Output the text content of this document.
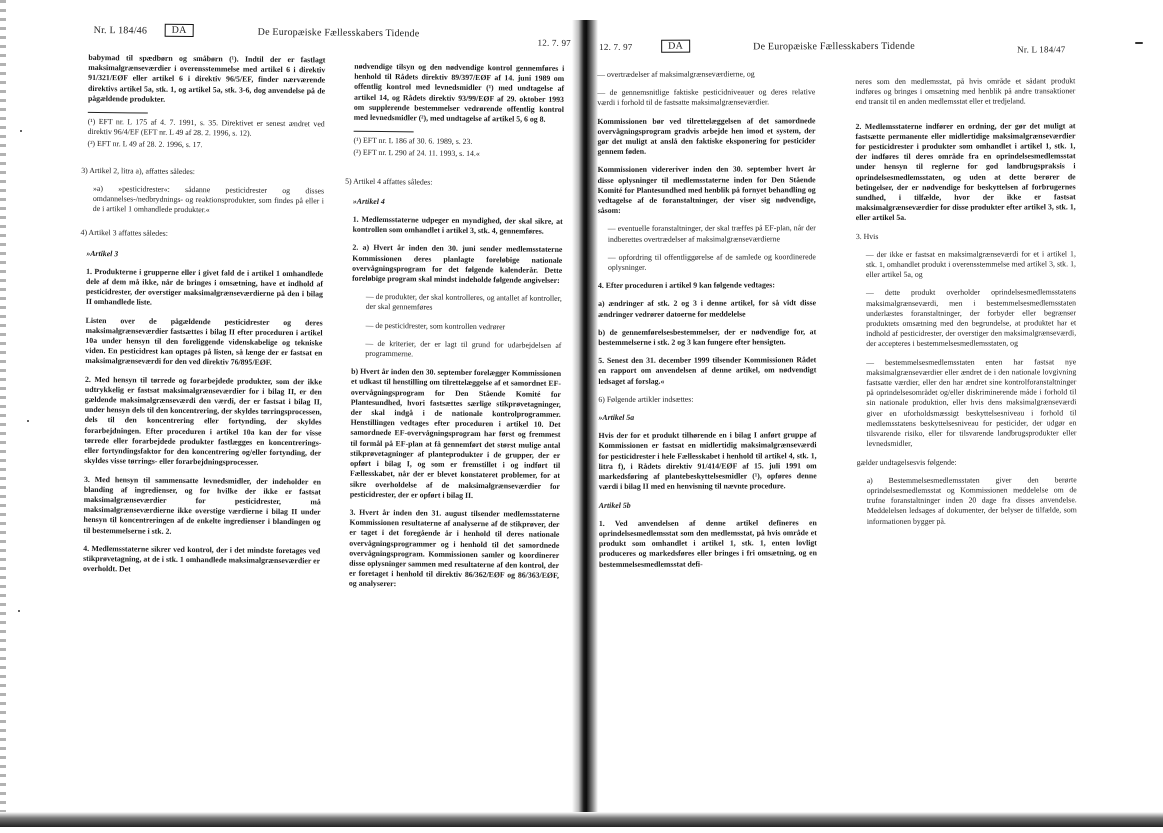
Nr. L 184/46	DA	De Europæiske Fællesskabers Tidende
12. 7. 97

babymad til spædbørn og småbørn (¹). Indtil der er fastlagt maksimalgrænseværdier i overensstemmelse med artikel 6 i direktiv 91/321/EØF eller artikel 6 i direktiv 96/5/EF, finder nærværende direktivs artikel 5a, stk. 1, og artikel 5a, stk. 3-6, dog anvendelse på de pågældende produkter.

(¹) EFT nr. L 175 af 4. 7. 1991, s. 35. Direktivet er senest ændret ved direktiv 96/4/EF (EFT nr. L 49 af 28. 2. 1996, s. 12).

(²) EFT nr. L 49 af 28. 2. 1996, s. 17.

3) Artikel 2, litra a), affattes således:

»a) »pesticidrester«: sådanne pesticidrester og disses omdannelses-/nedbrydnings- og reaktionsprodukter, som findes på eller i de i artikel 1 omhandlede produkter.«

4) Artikel 3 affattes således:

»Artikel 3

1. Produkterne i grupperne eller i givet fald de i artikel 1 omhandlede dele af dem må ikke, når de bringes i omsætning, have et indhold af pesticidrester, der overstiger maksimalgrænseværdierne på den i bilag II omhandlede liste.

Listen over de pågældende pesticidrester og deres maksimalgrænseværdier fastsættes i bilag II efter proceduren i artikel 10a under hensyn til den foreliggende videnskabelige og tekniske viden. En pesticidrest kan optages på listen, så længe der er fastsat en maksimalgrænseværdi for den ved direktiv 76/895/EØF.

2. Med hensyn til tørrede og forarbejdede produkter, som der ikke udtrykkelig er fastsat maksimalgrænseværdier for i bilag II, er den gældende maksimalgrænseværdi den værdi, der er fastsat i bilag II, under hensyn dels til den koncentrering, der skyldes tørringsprocessen, dels til den koncentrering eller fortynding, der skyldes forarbejdningen. Efter proceduren i artikel 10a kan der for visse tørrede eller forarbejdede produkter fastlægges en koncentrerings- eller fortyndingsfaktor for den koncentrering og/eller fortynding, der skyldes visse tørrings- eller forarbejdningsprocesser.

3. Med hensyn til sammensatte levnedsmidler, der indeholder en blanding af ingredienser, og for hvilke der ikke er fastsat maksimalgrænseværdier for pesticidrester, må maksimalgrænseværdierne ikke overstige værdierne i bilag II under hensyn til koncentreringen af de enkelte ingredienser i blandingen og til bestemmelserne i stk. 2.

4. Medlemsstaterne sikrer ved kontrol, der i det mindste foretages ved stikprøvetagning, at de i stk. 1 omhandlede maksimalgrænseværdier er overholdt. Det

nødvendige tilsyn og den nødvendige kontrol gennemføres i henhold til Rådets direktiv 89/397/EØF af 14. juni 1989 om offentlig kontrol med levnedsmidler (¹) med undtagelse af artikel 14, og Rådets direktiv 93/99/EØF af 29. oktober 1993 om supplerende bestemmelser vedrørende offentlig kontrol med levnedsmidler (²), med undtagelse af artikel 5, 6 og 8.

(¹) EFT nr. L 186 af 30. 6. 1989, s. 23.

(²) EFT nr. L 290 af 24. 11. 1993, s. 14.«

5) Artikel 4 affattes således:

»Artikel 4

1. Medlemsstaterne udpeger en myndighed, der skal sikre, at kontrollen som omhandlet i artikel 3, stk. 4, gennemføres.

2. a) Hvert år inden den 30. juni sender medlemsstaterne Kommissionen deres planlagte foreløbige nationale overvågningsprogram for det følgende kalenderår. Dette foreløbige program skal mindst indeholde følgende angivelser:

— de produkter, der skal kontrolleres, og antallet af kontroller, der skal gennemføres

— de pesticidrester, som kontrollen vedrører

— de kriterier, der er lagt til grund for udarbejdelsen af programmerne.

b) Hvert år inden den 30. september forelægger Kommissionen et udkast til henstilling om tilrettelæggelse af et samordnet EF-overvågningsprogram for Den Stående Komité for Plantesundhed, hvori fastsættes særlige stikprøvetagninger, der skal indgå i de nationale kontrolprogrammer. Henstillingen vedtages efter proceduren i artikel 10. Det samordnede EF-overvågningsprogram har først og fremmest til formål på EF-plan at få gennemført det størst mulige antal stikprøvetagninger af planteprodukter i de grupper, der er opført i bilag I, og som er fremstillet i og indført til Fællesskabet, når der er blevet konstateret problemer, for at sikre overholdelse af de maksimalgrænseværdier for pesticidrester, der er opført i bilag II.

3. Hvert år inden den 31. august tilsender medlemsstaterne Kommissionen resultaterne af analyserne af de stikprøver, der er taget i det foregående år i henhold til deres nationale overvågningsprogrammer og i henhold til det samordnede overvågningsprogram. Kommissionen samler og koordinerer disse oplysninger sammen med resultaterne af den kontrol, der er foretaget i henhold til direktiv 86/362/EØF og 86/363/EØF, og analyserer:

12. 7. 97	DA	De Europæiske Fællesskabers Tidende	Nr. L 184/47

— overtrædelser af maksimalgrænseværdierne, og

— de gennemsnitlige faktiske pesticidniveauer og deres relative værdi i forhold til de fastsatte maksimalgrænseværdier.

Kommissionen bør ved tilrettelæggelsen af det samordnede overvågningsprogram gradvis arbejde hen imod et system, der gør det muligt at anslå den faktiske eksponering for pesticider gennem føden.

Kommissionen viderегiver inden den 30. september hvert år disse oplysninger til medlemsstaterne inden for Den Stående Komité for Plantesundhed med henblik på fornyet behandling og vedtagelse af de foranstaltninger, der viser sig nødvendige, såsom:

— eventuelle foranstaltninger, der skal træffes på EF-plan, når der indberettes overtrædelser af maksimalgrænseværdierne

— opfordring til offentliggørelse af de samlede og koordinerede oplysninger.

4. Efter proceduren i artikel 9 kan følgende vedtages:

a) ændringer af stk. 2 og 3 i denne artikel, for så vidt disse ændringer vedrører datoerne for meddelelse

b) de gennemførelsesbestemmelser, der er nødvendige for, at bestemmelserne i stk. 2 og 3 kan fungere efter hensigten.

5. Senest den 31. december 1999 tilsender Kommissionen Rådet en rapport om anvendelsen af denne artikel, om nødvendigt ledsaget af forslag.«

6) Følgende artikler indsættes:

»Artikel 5a

Hvis der for et produkt tilhørende en i bilag I anført gruppe af Kommissionen er fastsat en midlertidig maksimalgrænseværdi for pesticidrester i hele Fællesskabet i henhold til artikel 4, stk. 1, litra f), i Rådets direktiv 91/414/EØF af 15. juli 1991 om markedsføring af plantebeskyttelsesmidler (¹), opføres denne værdi i bilag II med en henvisning til nævnte procedure.

Artikel 5b

1. Ved anvendelsen af denne artikel defineres en oprindelsesmedlemsstat som den medlemsstat, på hvis område et produkt som omhandlet i artikel 1, stk. 1, enten lovligt produceres og markedsføres eller bringes i fri omsætning, og en bestemmelsesmedlemsstat defi-

neres som den medlemsstat, på hvis område et sådant produkt indføres og bringes i omsætning med henblik på andre transaktioner end transit til en anden medlemsstat eller et tredjeland.

2. Medlemsstaterne indfører en ordning, der gør det muligt at fastsætte permanente eller midlertidige maksimalgrænseværdier for pesticidrester i produkter som omhandlet i artikel 1, stk. 1, der indføres til deres område fra en oprindelsesmedlemsstat under hensyn til reglerne for god landbrugspraksis i oprindelsesmedlemsstaten, og uden at dette berører de betingelser, der er nødvendige for beskyttelsen af forbrugernes sundhed, i tilfælde, hvor der ikke er fastsat maksimalgrænseværdier for disse produkter efter artikel 3, stk. 1, eller artikel 5a.

3. Hvis

— der ikke er fastsat en maksimalgrænseværdi for et i artikel 1, stk. 1, omhandlet produkt i overensstemmelse med artikel 3, stk. 1, eller artikel 5a, og

— dette produkt overholder oprindelsesmedlemsstatens maksimalgrænseværdi, men i bestemmelsesmedlemsstaten underlæstes foranstaltninger, der forbyder eller begrænser produktets omsætning med den begrundelse, at produktet har et indhold af pesticidrester, der overstiger den maksimalgrænseværdi, der accepteres i bestemmelsesmedlemsstaten, og

— bestemmelsesmedlemsstaten enten har fastsat nye maksimalgrænseværdier eller ændret de i den nationale lovgivning fastsatte værdier, eller den har ændret sine kontrolforanstaltninger på oprindelsesområdet og/eller diskriminerende måde i forhold til sin nationale produktion, eller hvis dens maksimalgrænseværdi giver en uforholdsmæssigt beskyttelsesniveau i forhold til medlemsstatens beskyttelsesniveau for pesticider, der udgør en tilsvarende risiko, eller for tilsvarende landbrugsprodukter eller levnedsmidler,

gælder undtagelsesvis følgende:

a) Bestemmelsesmedlemsstaten giver den berørte oprindelsesmedlemsstat og Kommissionen meddelelse om de trufne foranstaltninger inden 20 dage fra disses anvendelse. Meddelelsen ledsages af dokumenter, der belyser de tilfælde, som informationen bygger på.
